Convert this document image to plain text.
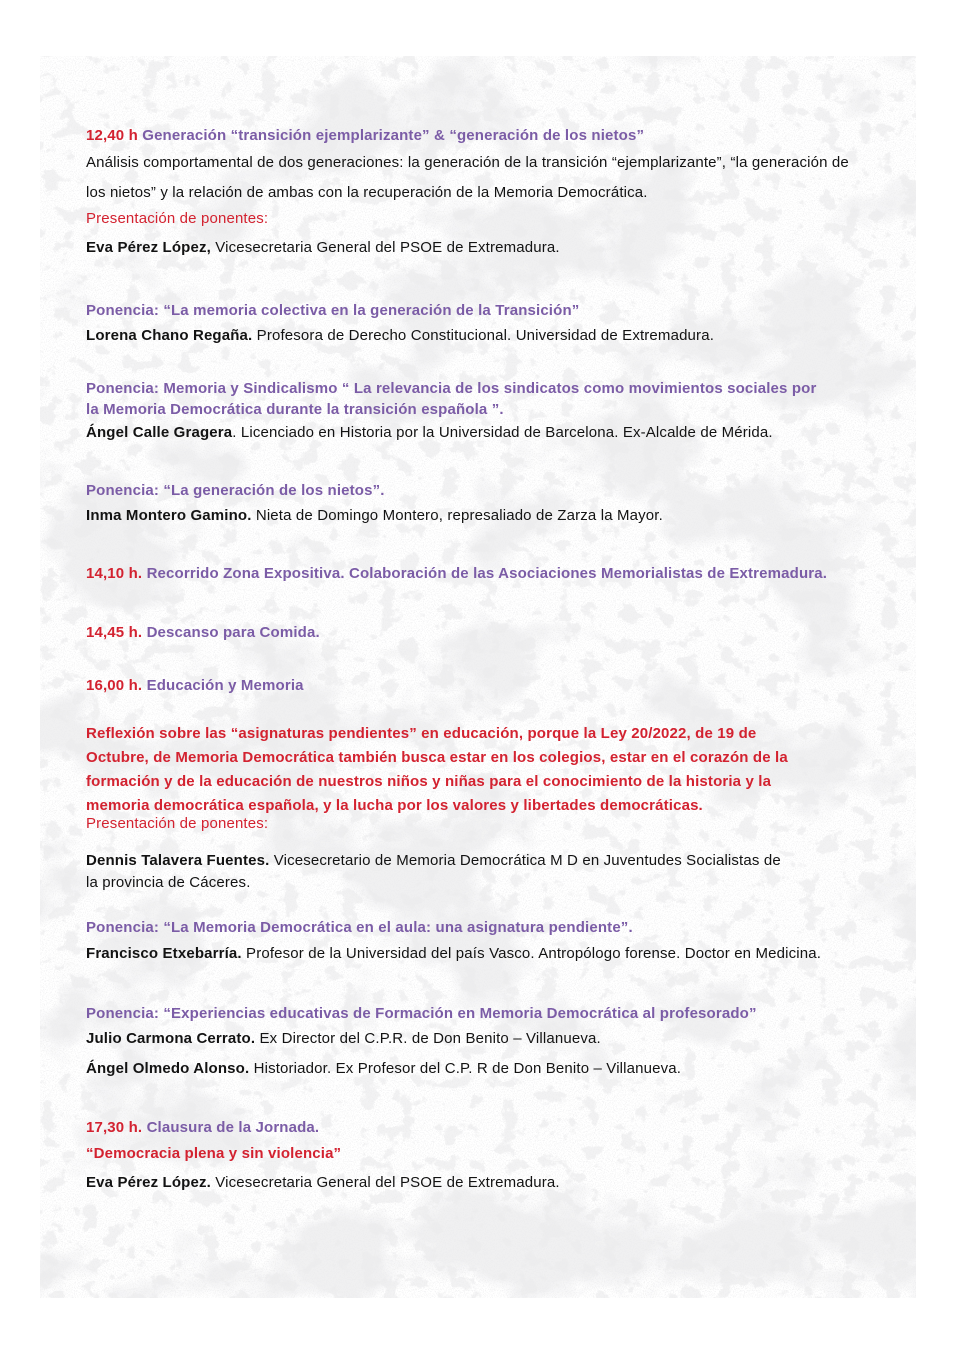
12,40 h Generación “transición ejemplarizante” & “generación de los nietos”

Análisis comportamental de dos generaciones: la generación de la transición “ejemplarizante”, “la generación de los nietos” y la relación de ambas con la recuperación de la Memoria Democrática.

Presentación de ponentes:

Eva Pérez López, Vicesecretaria General del PSOE de Extremadura.

Ponencia: “La memoria colectiva en la generación de la Transición”

Lorena Chano Regaña. Profesora de Derecho Constitucional. Universidad de Extremadura.

Ponencia: Memoria y Sindicalismo “ La relevancia de los sindicatos como movimientos sociales por la Memoria Democrática durante la transición española ”.

Ángel Calle Gragera. Licenciado en Historia por la Universidad de Barcelona. Ex-Alcalde de Mérida.

Ponencia: “La generación de los nietos”.

Inma Montero Gamino. Nieta de Domingo Montero, represaliado de Zarza la Mayor.

14,10 h. Recorrido Zona Expositiva. Colaboración de las Asociaciones Memorialistas de Extremadura.

14,45 h. Descanso para Comida.

16,00 h. Educación y Memoria

Reflexión sobre las “asignaturas pendientes” en educación, porque la Ley 20/2022, de 19 de Octubre, de Memoria Democrática también busca estar en los colegios, estar en el corazón de la formación y de la educación de nuestros niños y niñas para el conocimiento de la historia y la memoria democrática española, y la lucha por los valores y libertades democráticas.

Presentación de ponentes:

Dennis Talavera Fuentes. Vicesecretario de Memoria Democrática M D en Juventudes Socialistas de la provincia de Cáceres.

Ponencia: “La Memoria Democrática en el aula: una asignatura pendiente”.

Francisco Etxebarría. Profesor de la Universidad del país Vasco. Antropólogo forense. Doctor en Medicina.

Ponencia: “Experiencias educativas de Formación en Memoria Democrática al profesorado”

Julio Carmona Cerrato. Ex Director del C.P.R. de Don Benito – Villanueva.

Ángel Olmedo Alonso. Historiador. Ex Profesor del C.P. R de Don Benito – Villanueva.

17,30 h. Clausura de la Jornada.

“Democracia plena y sin violencia”

Eva Pérez López. Vicesecretaria General del PSOE de Extremadura.
